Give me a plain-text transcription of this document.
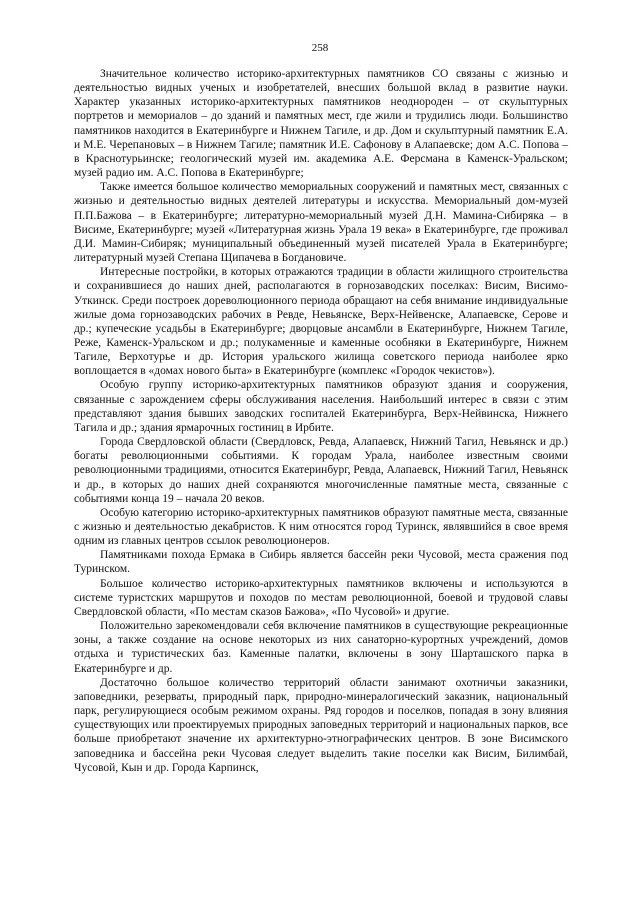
258

Значительное количество историко-архитектурных памятников СО связаны с жизнью и деятельностью видных ученых и изобретателей, внесших большой вклад в развитие науки. Характер указанных историко-архитектурных памятников неоднороден – от скульптурных портретов и мемориалов – до зданий и памятных мест, где жили и трудились люди. Большинство памятников находится в Екатеринбурге и Нижнем Тагиле, и др. Дом и скульптурный памятник Е.А. и М.Е. Черепановых – в Нижнем Тагиле; памятник И.Е. Сафонову в Алапаевске; дом А.С. Попова – в Краснотурьинске; геологический музей им. академика А.Е. Ферсмана в Каменск-Уральском; музей радио им. А.С. Попова в Екатеринбурге;

Также имеется большое количество мемориальных сооружений и памятных мест, связанных с жизнью и деятельностью видных деятелей литературы и искусства. Мемориальный дом-музей П.П.Бажова – в Екатеринбурге; литературно-мемориальный музей Д.Н. Мамина-Сибиряка – в Висиме, Екатеринбурге; музей «Литературная жизнь Урала 19 века» в Екатеринбурге, где проживал Д.И. Мамин-Сибиряк; муниципальный объединенный музей писателей Урала в Екатеринбурге; литературный музей Степана Щипачева в Богдановиче.

Интересные постройки, в которых отражаются традиции в области жилищного строительства и сохранившиеся до наших дней, располагаются в горнозаводских поселках: Висим, Висимо-Уткинск. Среди построек дореволюционного периода обращают на себя внимание индивидуальные жилые дома горнозаводских рабочих в Ревде, Невьянске, Верх-Нейвенске, Алапаевске, Серове и др.; купеческие усадьбы в Екатеринбурге; дворцовые ансамбли в Екатеринбурге, Нижнем Тагиле, Реже, Каменск-Уральском и др.; полукаменные и каменные особняки в Екатеринбурге, Нижнем Тагиле, Верхотурье и др. История уральского жилища советского периода наиболее ярко воплощается в «домах нового быта» в Екатеринбурге (комплекс «Городок чекистов»).

Особую группу историко-архитектурных памятников образуют здания и сооружения, связанные с зарождением сферы обслуживания населения. Наибольший интерес в связи с этим представляют здания бывших заводских госпиталей Екатеринбурга, Верх-Нейвинска, Нижнего Тагила и др.; здания ярмарочных гостиниц в Ирбите.

Города Свердловской области (Свердловск, Ревда, Алапаевск, Нижний Тагил, Невьянск и др.) богаты революционными событиями. К городам Урала, наиболее известным своими революционными традициями, относится Екатеринбург, Ревда, Алапаевск, Нижний Тагил, Невьянск и др., в которых до наших дней сохраняются многочисленные памятные места, связанные с событиями конца 19 – начала 20 веков.

Особую категорию историко-архитектурных памятников образуют памятные места, связанные с жизнью и деятельностью декабристов. К ним относятся город Туринск, являвшийся в свое время одним из главных центров ссылок революционеров.

Памятниками похода Ермака в Сибирь является бассейн реки Чусовой, места сражения под Туринском.

Большое количество историко-архитектурных памятников включены и используются в системе туристских маршрутов и походов по местам революционной, боевой и трудовой славы Свердловской области, «По местам сказов Бажова», «По Чусовой» и другие.

Положительно зарекомендовали себя включение памятников в существующие рекреационные зоны, а также создание на основе некоторых из них санаторно-курортных учреждений, домов отдыха и туристических баз. Каменные палатки, включены в зону Шарташского парка в Екатеринбурге и др.

Достаточно большое количество территорий области занимают охотничьи заказники, заповедники, резерваты, природный парк, природно-минералогический заказник, национальный парк, регулирующиеся особым режимом охраны. Ряд городов и поселков, попадая в зону влияния существующих или проектируемых природных заповедных территорий и национальных парков, все больше приобретают значение их архитектурно-этнографических центров. В зоне Висимского заповедника и бассейна реки Чусовая следует выделить такие поселки как Висим, Билимбай, Чусовой, Кын и др. Города Карпинск,
